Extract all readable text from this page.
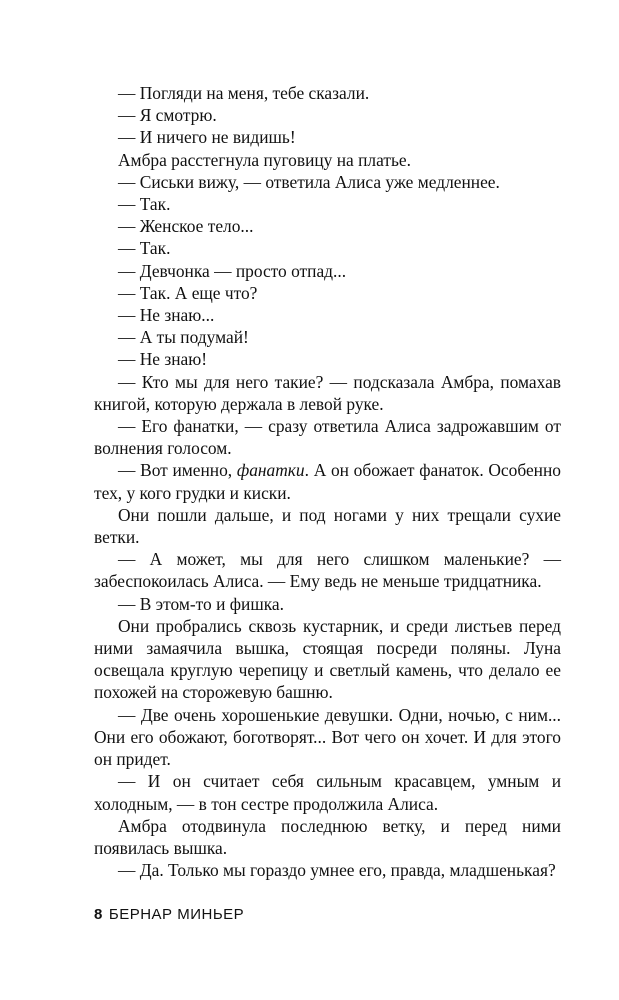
— Погляди на меня, тебе сказали.

— Я смотрю.

— И ничего не видишь!

Амбра расстегнула пуговицу на платье.

— Сиськи вижу, — ответила Алиса уже медленнее.

— Так.

— Женское тело...

— Так.

— Девчонка — просто отпад...

— Так. А еще что?

— Не знаю...

— А ты подумай!

— Не знаю!

— Кто мы для него такие? — подсказала Амбра, помахав книгой, которую держала в левой руке.

— Его фанатки, — сразу ответила Алиса задрожавшим от волнения голосом.

— Вот именно, фанатки. А он обожает фанаток. Особенно тех, у кого грудки и киски.

Они пошли дальше, и под ногами у них трещали сухие ветки.

— А может, мы для него слишком маленькие? — забеспокоилась Алиса. — Ему ведь не меньше тридцатника.

— В этом-то и фишка.

Они пробрались сквозь кустарник, и среди листьев перед ними замаячила вышка, стоящая посреди поляны. Луна освещала круглую черепицу и светлый камень, что делало ее похожей на сторожевую башню.

— Две очень хорошенькие девушки. Одни, ночью, с ним... Они его обожают, боготворят... Вот чего он хочет. И для этого он придет.

— И он считает себя сильным красавцем, умным и холодным, — в тон сестре продолжила Алиса.

Амбра отодвинула последнюю ветку, и перед ними появилась вышка.

— Да. Только мы гораздо умнее его, правда, младшенькая?

8 БЕРНАР МИНЬЕР
